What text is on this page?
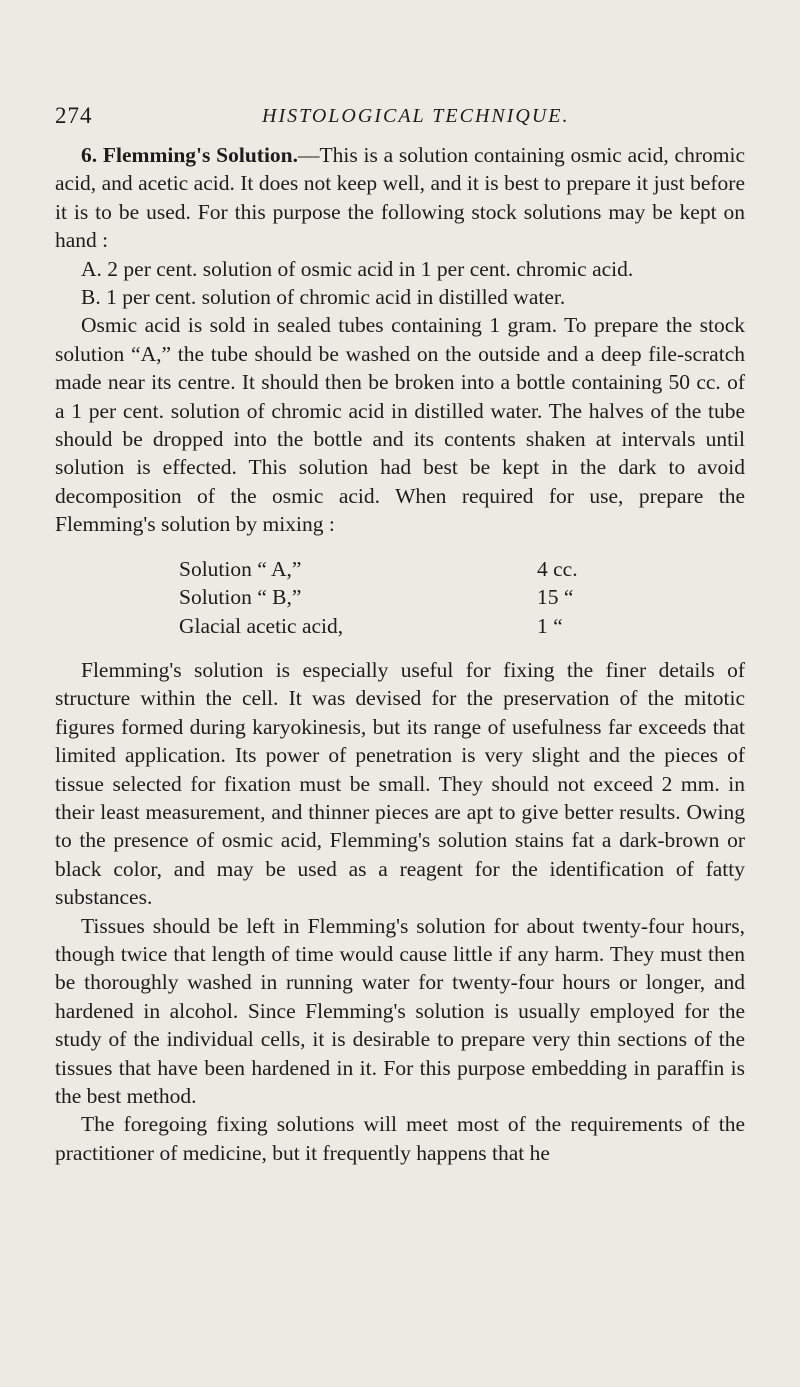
274	HISTOLOGICAL TECHNIQUE.

6. Flemming's Solution.—This is a solution containing osmic acid, chromic acid, and acetic acid. It does not keep well, and it is best to prepare it just before it is to be used. For this purpose the following stock solutions may be kept on hand :

A. 2 per cent. solution of osmic acid in 1 per cent. chromic acid.

B. 1 per cent. solution of chromic acid in distilled water.

Osmic acid is sold in sealed tubes containing 1 gram. To prepare the stock solution “A,” the tube should be washed on the outside and a deep file-scratch made near its centre. It should then be broken into a bottle containing 50 cc. of a 1 per cent. solution of chromic acid in distilled water. The halves of the tube should be dropped into the bottle and its contents shaken at intervals until solution is effected. This solution had best be kept in the dark to avoid decomposition of the osmic acid. When required for use, prepare the Flemming's solution by mixing :

Solution “ A,”	4 cc.
Solution “ B,”	15 “
Glacial acetic acid,	1 “

Flemming's solution is especially useful for fixing the finer details of structure within the cell. It was devised for the preservation of the mitotic figures formed during karyokinesis, but its range of usefulness far exceeds that limited application. Its power of penetration is very slight and the pieces of tissue selected for fixation must be small. They should not exceed 2 mm. in their least measurement, and thinner pieces are apt to give better results. Owing to the presence of osmic acid, Flemming's solution stains fat a dark-brown or black color, and may be used as a reagent for the identification of fatty substances.

Tissues should be left in Flemming's solution for about twenty-four hours, though twice that length of time would cause little if any harm. They must then be thoroughly washed in running water for twenty-four hours or longer, and hardened in alcohol. Since Flemming's solution is usually employed for the study of the individual cells, it is desirable to prepare very thin sections of the tissues that have been hardened in it. For this purpose embedding in paraffin is the best method.

The foregoing fixing solutions will meet most of the requirements of the practitioner of medicine, but it frequently happens that he
